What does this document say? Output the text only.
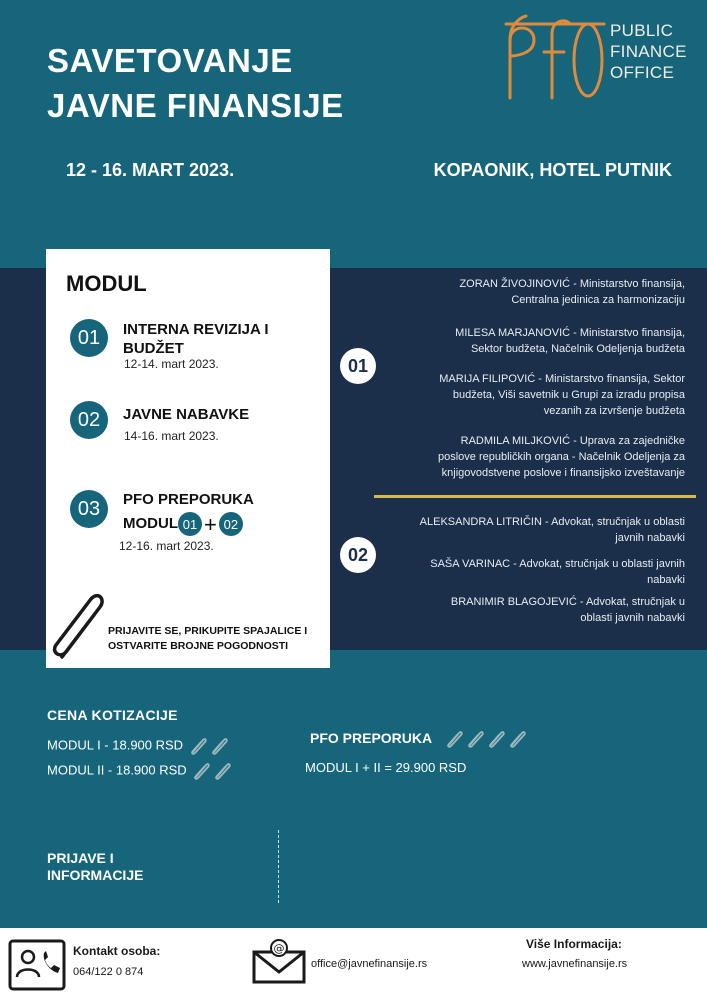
SAVETOVANJE
JAVNE FINANSIJE
12 - 16. MART 2023.	KOPAONIK, HOTEL PUTNIK
PUBLIC
FINANCE
OFFICE
MODUL
01	INTERNA REVIZIJA I
BUDŽET
12-14. mart 2023.
02	JAVNE NABAVKE
14-16. mart 2023.
03	PFO PREPORUKA
MODUL 01 + 02
12-16. mart 2023.
PRIJAVITE SE, PRIKUPITE SPAJALICE I
OSTVARITE BROJNE POGODNOSTI
01
ZORAN ŽIVOJINOVIĆ - Ministarstvo finansija,
Centralna jedinica za harmonizaciju
MILESA MARJANOVIĆ - Ministarstvo finansija,
Sektor budžeta, Načelnik Odeljenja budžeta
MARIJA FILIPOVIĆ - Ministarstvo finansija, Sektor
budžeta, Viši savetnik u Grupi za izradu propisa
vezanih za izvršenje budžeta
RADMILA MILJKOVIĆ - Uprava za zajedničke
poslove republičkih organa - Načelnik Odeljenja za
knjigovodstvene poslove i finansijsko izveštavanje
02
ALEKSANDRA LITRIČIN - Advokat, stručnjak u oblasti
javnih nabavki
SAŠA VARINAC - Advokat, stručnjak u oblasti javnih
nabavki
BRANIMIR BLAGOJEVIĆ - Advokat, stručnjak u
oblasti javnih nabavki
CENA KOTIZACIJE
MODUL I - 18.900 RSD
MODUL II - 18.900 RSD
PFO PREPORUKA
MODUL I + II = 29.900 RSD
PRIJAVE I
INFORMACIJE
Kontakt osoba:
064/122 0 874
@
office@javnefinansije.rs
Više Informacija:
www.javnefinansije.rs
